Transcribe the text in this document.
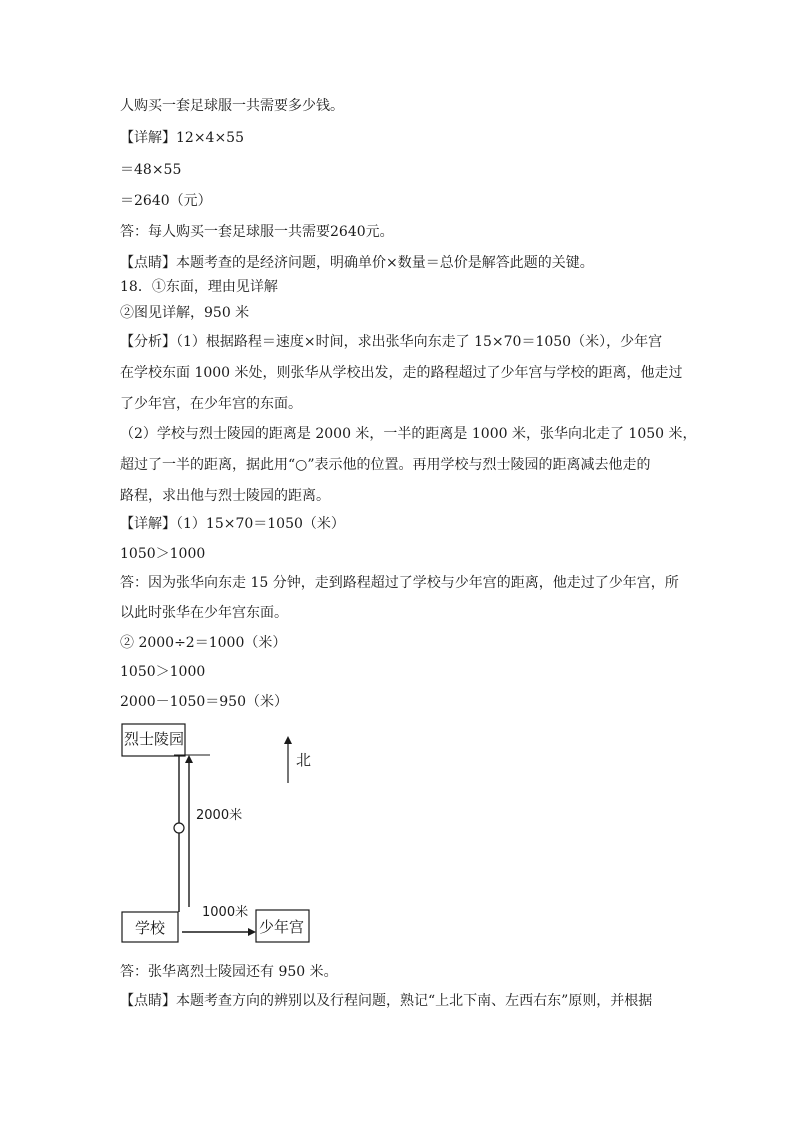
人购买一套足球服一共需要多少钱。
【详解】12×4×55
＝48×55
＝2640（元）
答：每人购买一套足球服一共需要2640元。
【点睛】本题考查的是经济问题，明确单价×数量＝总价是解答此题的关键。
18．①东面，理由见详解
②图见详解，950 米
【分析】（1）根据路程＝速度×时间，求出张华向东走了 15×70＝1050（米），少年宫
在学校东面 1000 米处，则张华从学校出发，走的路程超过了少年宫与学校的距离，他走过
了少年宫，在少年宫的东面。
（2）学校与烈士陵园的距离是 2000 米，一半的距离是 1000 米，张华向北走了 1050 米，
超过了一半的距离，据此用“○”表示他的位置。再用学校与烈士陵园的距离减去他走的
路程，求出他与烈士陵园的距离。
【详解】（1）15×70＝1050（米）
1050＞1000
答：因为张华向东走 15 分钟，走到路程超过了学校与少年宫的距离，他走过了少年宫，所
以此时张华在少年宫东面。
② 2000÷2＝1000（米）
1050＞1000
2000－1050＝950（米）
烈士陵园
2000米
学校
1000米
少年宫
北
答：张华离烈士陵园还有 950 米。
【点睛】本题考查方向的辨别以及行程问题，熟记“上北下南、左西右东”原则，并根据
